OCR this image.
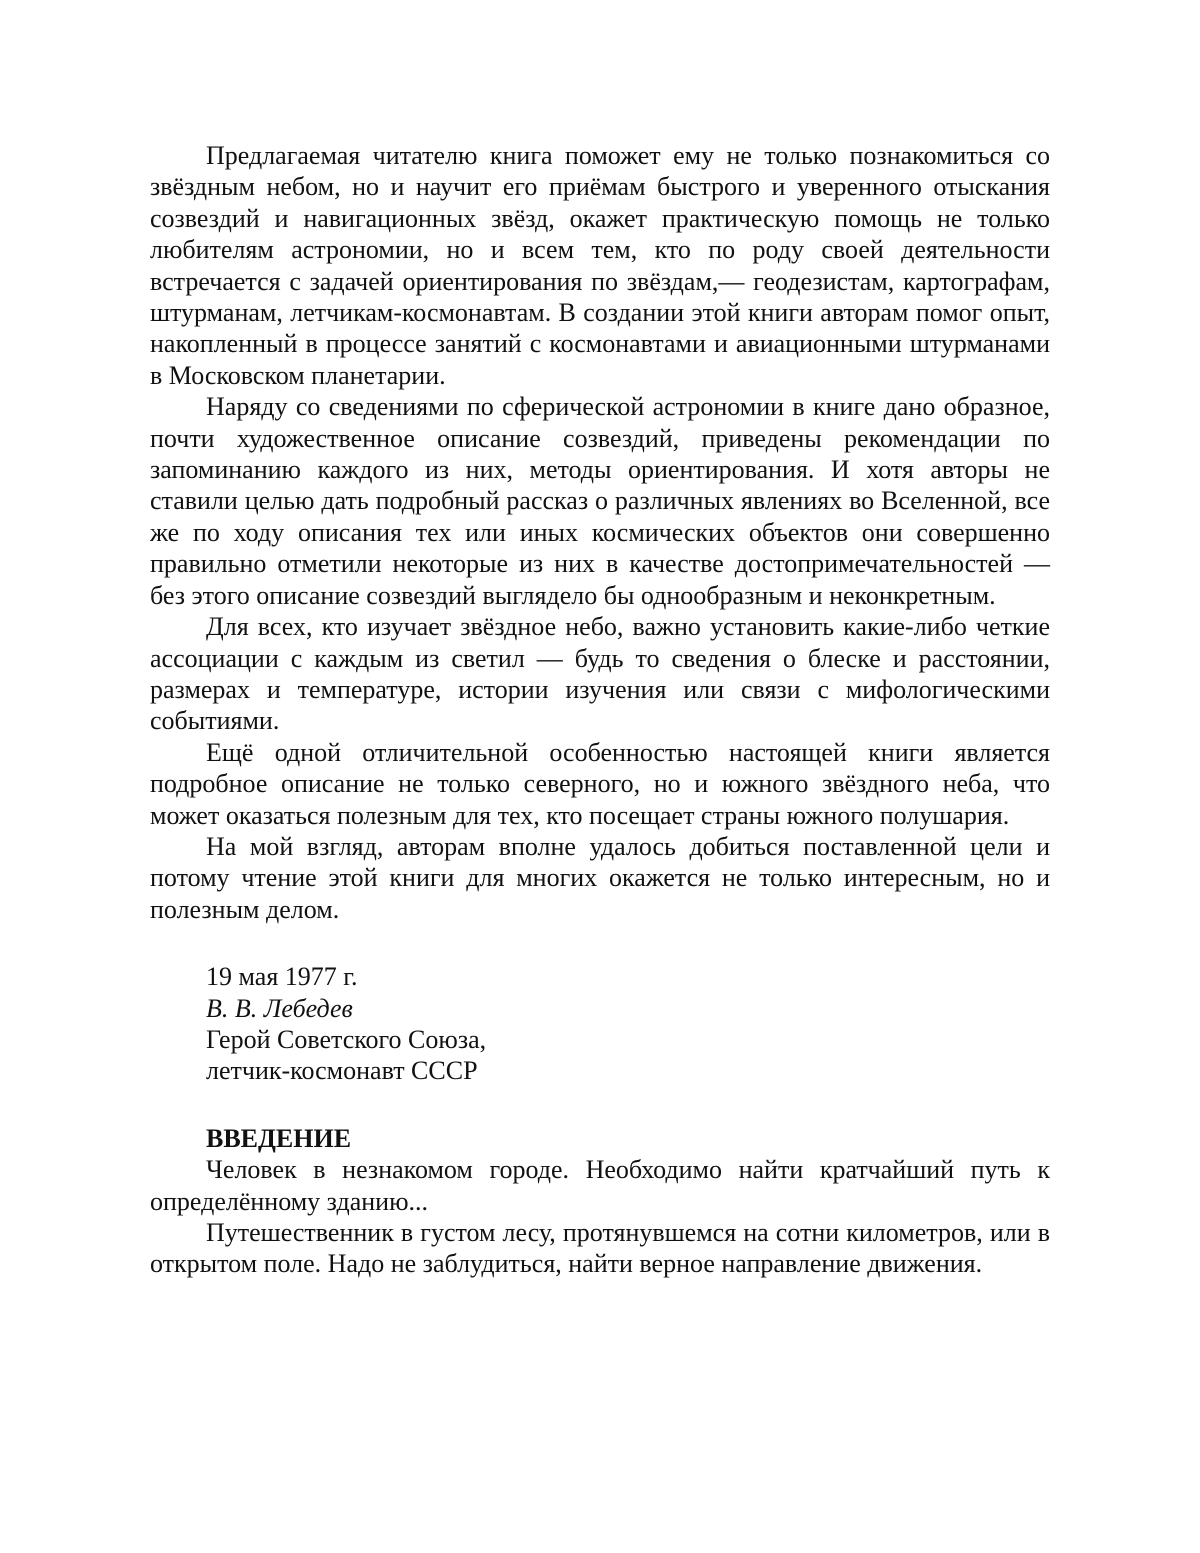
Предлагаемая читателю книга поможет ему не только познакомиться со звёздным небом, но и научит его приёмам быстрого и уверенного отыскания созвездий и навигационных звёзд, окажет практическую помощь не только любителям астрономии, но и всем тем, кто по роду своей деятельности встречается с задачей ориентирования по звёздам,— геодезистам, картографам, штурманам, летчикам-космонавтам. В создании этой книги авторам помог опыт, накопленный в процессе занятий с космонавтами и авиационными штурманами в Московском планетарии.

Наряду со сведениями по сферической астрономии в книге дано образное, почти художественное описание созвездий, приведены рекомендации по запоминанию каждого из них, методы ориентирования. И хотя авторы не ставили целью дать подробный рассказ о различных явлениях во Вселенной, все же по ходу описания тех или иных космических объектов они совершенно правильно отметили некоторые из них в качестве достопримечательностей — без этого описание созвездий выглядело бы однообразным и неконкретным.

Для всех, кто изучает звёздное небо, важно установить какие-либо четкие ассоциации с каждым из светил — будь то сведения о блеске и расстоянии, размерах и температуре, истории изучения или связи с мифологическими событиями.

Ещё одной отличительной особенностью настоящей книги является подробное описание не только северного, но и южного звёздного неба, что может оказаться полезным для тех, кто посещает страны южного полушария.

На мой взгляд, авторам вполне удалось добиться поставленной цели и потому чтение этой книги для многих окажется не только интересным, но и полезным делом.

19 мая 1977 г.

В. В. Лебедев

Герой Советского Союза,

летчик-космонавт СССР

ВВЕДЕНИЕ

Человек в незнакомом городе. Необходимо найти кратчайший путь к определённому зданию...

Путешественник в густом лесу, протянувшемся на сотни километров, или в открытом поле. Надо не заблудиться, найти верное направление движения.
